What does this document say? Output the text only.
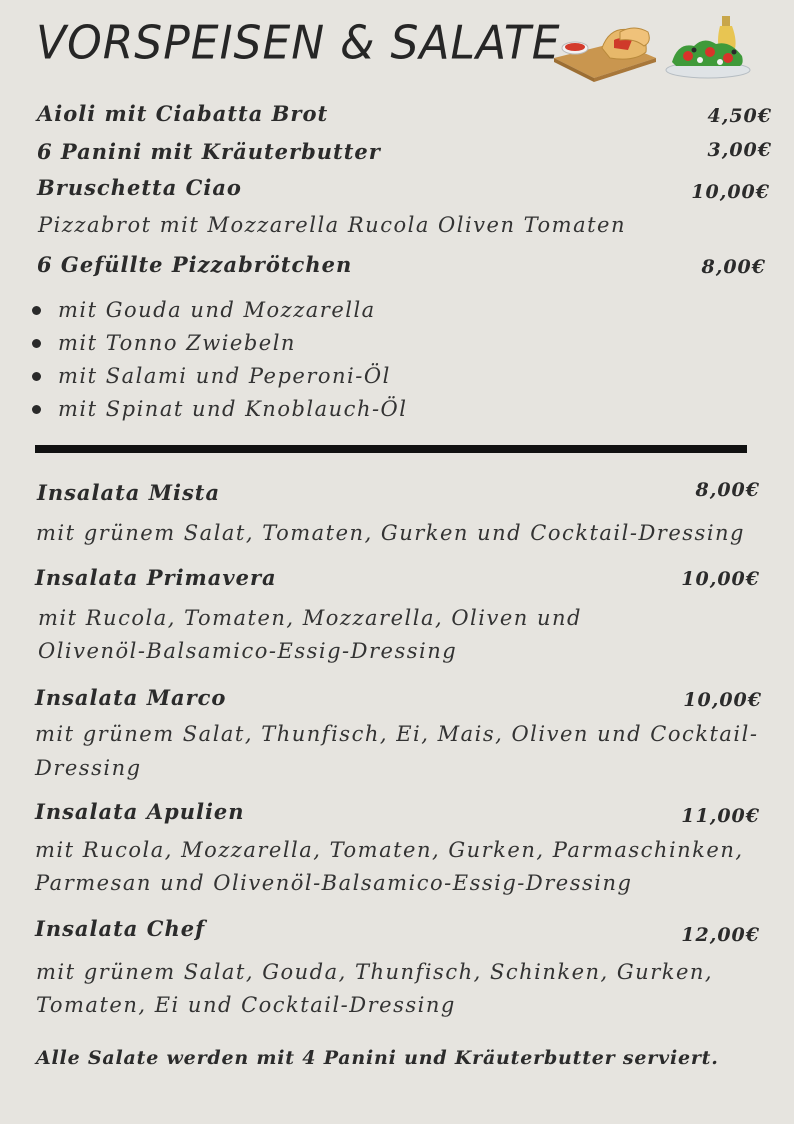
VORSPEISEN & SALATE
Aioli mit Ciabatta Brot	4,50€
6 Panini mit Kräuterbutter	3,00€
Bruschetta Ciao	10,00€
Pizzabrot mit Mozzarella Rucola Oliven Tomaten
6 Gefüllte Pizzabrötchen	8,00€
mit Gouda und Mozzarella
mit Tonno Zwiebeln
mit Salami und Peperoni-Öl
mit Spinat und Knoblauch-Öl
Insalata Mista	8,00€
mit grünem Salat, Tomaten, Gurken und Cocktail-Dressing
Insalata Primavera	10,00€
mit Rucola, Tomaten, Mozzarella, Oliven und
Olivenöl-Balsamico-Essig-Dressing
Insalata Marco	10,00€
mit grünem Salat, Thunfisch, Ei, Mais, Oliven und Cocktail-
Dressing
Insalata Apulien	11,00€
mit Rucola, Mozzarella, Tomaten, Gurken, Parmaschinken,
Parmesan und Olivenöl-Balsamico-Essig-Dressing
Insalata Chef	12,00€
mit grünem Salat, Gouda, Thunfisch, Schinken, Gurken,
Tomaten, Ei und Cocktail-Dressing
Alle Salate werden mit 4 Panini und Kräuterbutter serviert.
